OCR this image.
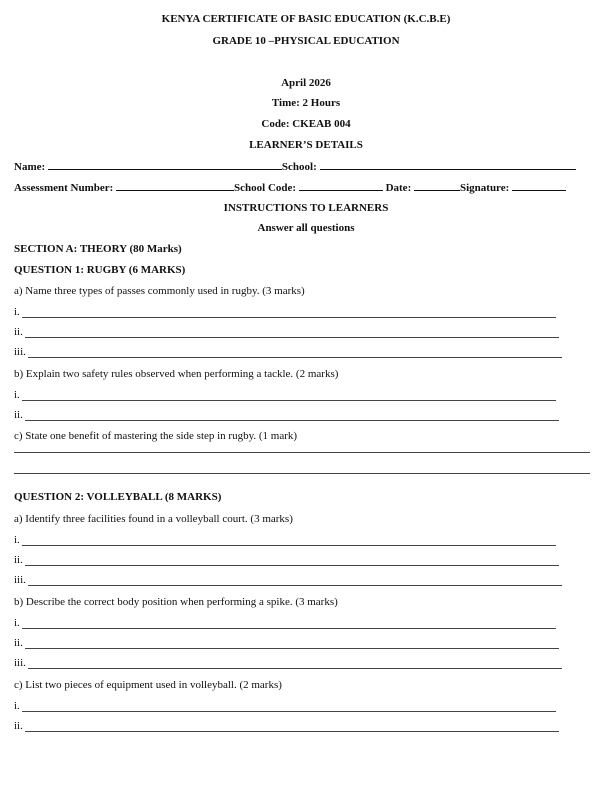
KENYA CERTIFICATE OF BASIC EDUCATION (K.C.B.E)
GRADE 10 –PHYSICAL EDUCATION
April 2026
Time: 2 Hours
Code: CKEAB 004
LEARNER’S DETAILS
Name:	School:
Assessment Number:	School Code:	Date:	Signature:
INSTRUCTIONS TO LEARNERS
Answer all questions
SECTION A: THEORY (80 Marks)
QUESTION 1: RUGBY (6 MARKS)
a) Name three types of passes commonly used in rugby. (3 marks)
i.
ii.
iii.
b) Explain two safety rules observed when performing a tackle. (2 marks)
i.
ii.
c) State one benefit of mastering the side step in rugby. (1 mark)
QUESTION 2: VOLLEYBALL (8 MARKS)
a) Identify three facilities found in a volleyball court. (3 marks)
i.
ii.
iii.
b) Describe the correct body position when performing a spike. (3 marks)
i.
ii.
iii.
c) List two pieces of equipment used in volleyball. (2 marks)
i.
ii.
